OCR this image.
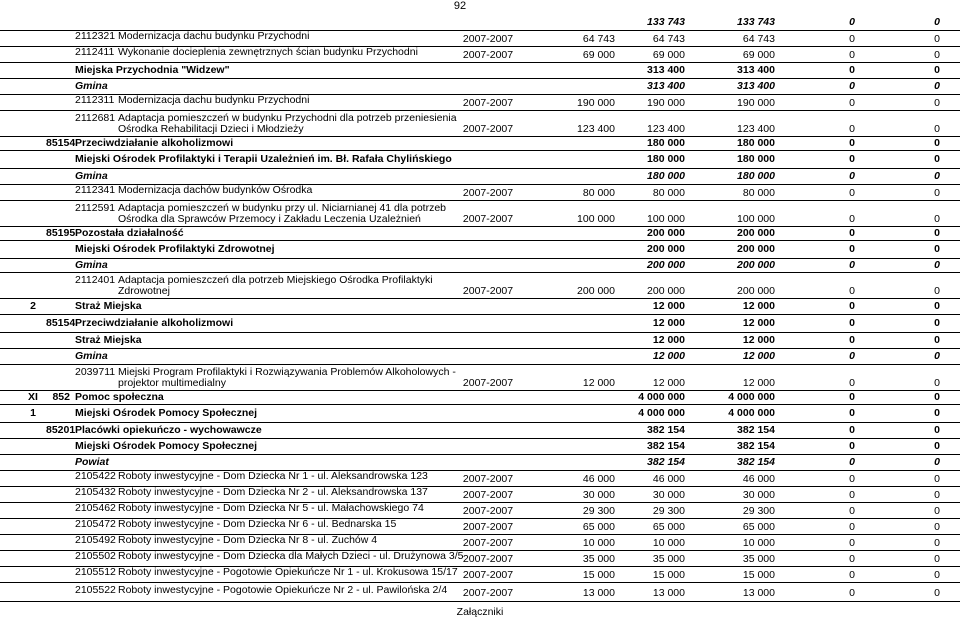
92
133 743	133 743	0	0
2112321 Modernizacja dachu budynku Przychodni	2007-2007	64 743	64 743	64 743	0	0
2112411 Wykonanie docieplenia zewnętrznych ścian budynku Przychodni	2007-2007	69 000	69 000	69 000	0	0
Miejska Przychodnia "Widzew"	313 400	313 400	0	0
Gmina	313 400	313 400	0	0
2112311 Modernizacja dachu budynku Przychodni	2007-2007	190 000	190 000	190 000	0	0
2112681 Adaptacja pomieszczeń w budynku Przychodni dla potrzeb przeniesienia
Ośrodka Rehabilitacji Dzieci i Młodzieży	2007-2007	123 400	123 400	123 400	0	0
85154 Przeciwdziałanie alkoholizmowi	180 000	180 000	0	0
Miejski Ośrodek Profilaktyki i Terapii Uzależnień im. Bł. Rafała Chylińskiego	180 000	180 000	0	0
Gmina	180 000	180 000	0	0
2112341 Modernizacja dachów budynków Ośrodka	2007-2007	80 000	80 000	80 000	0	0
2112591 Adaptacja pomieszczeń w budynku przy ul. Niciarnianej 41 dla potrzeb
Ośrodka dla Sprawców Przemocy i Zakładu Leczenia Uzależnień	2007-2007	100 000	100 000	100 000	0	0
85195 Pozostała działalność	200 000	200 000	0	0
Miejski Ośrodek Profilaktyki Zdrowotnej	200 000	200 000	0	0
Gmina	200 000	200 000	0	0
2112401 Adaptacja pomieszczeń dla potrzeb Miejskiego Ośrodka Profilaktyki
Zdrowotnej	2007-2007	200 000	200 000	200 000	0	0
2	Straż Miejska	12 000	12 000	0	0
85154 Przeciwdziałanie alkoholizmowi	12 000	12 000	0	0
Straż Miejska	12 000	12 000	0	0
Gmina	12 000	12 000	0	0
2039711 Miejski Program Profilaktyki i Rozwiązywania Problemów Alkoholowych -
projektor multimedialny	2007-2007	12 000	12 000	12 000	0	0
XI	852 Pomoc społeczna	4 000 000	4 000 000	0	0
1	Miejski Ośrodek Pomocy Społecznej	4 000 000	4 000 000	0	0
85201 Placówki opiekuńczo - wychowawcze	382 154	382 154	0	0
Miejski Ośrodek Pomocy Społecznej	382 154	382 154	0	0
Powiat	382 154	382 154	0	0
2105422 Roboty inwestycyjne - Dom Dziecka Nr 1 - ul. Aleksandrowska 123	2007-2007	46 000	46 000	46 000	0	0
2105432 Roboty inwestycyjne - Dom Dziecka Nr 2 - ul. Aleksandrowska 137	2007-2007	30 000	30 000	30 000	0	0
2105462 Roboty inwestycyjne - Dom Dziecka Nr 5 - ul. Małachowskiego 74	2007-2007	29 300	29 300	29 300	0	0
2105472 Roboty inwestycyjne - Dom Dziecka Nr 6 - ul. Bednarska 15	2007-2007	65 000	65 000	65 000	0	0
2105492 Roboty inwestycyjne - Dom Dziecka Nr 8 - ul. Zuchów 4	2007-2007	10 000	10 000	10 000	0	0
2105502 Roboty inwestycyjne - Dom Dziecka dla Małych Dzieci - ul. Drużynowa 3/5 2007-2007	35 000	35 000	35 000	0	0
2105512 Roboty inwestycyjne - Pogotowie Opiekuńcze Nr 1 - ul. Krokusowa 15/17 2007-2007	15 000	15 000	15 000	0	0
2105522 Roboty inwestycyjne - Pogotowie Opiekuńcze Nr 2 - ul. Pawilońska 2/4	2007-2007	13 000	13 000	13 000	0	0
Załączniki
